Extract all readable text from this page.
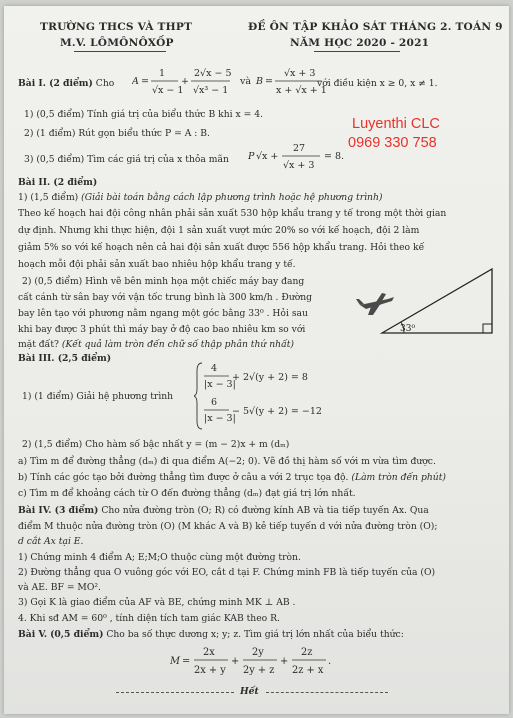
TRƯỜNG THCS VÀ THPT
M.V. LÔMÔNÔXỐP
ĐỀ ÔN TẬP KHẢO SÁT THÁNG 2. TOÁN 9
NĂM HỌC 2020 - 2021
Bài I. (2 điểm) Cho A =
1
√x − 1
+
2√x − 5
√x³ − 1
và B =
√x + 3
x + √x + 1
với điều kiện x ≥ 0, x ≠ 1.
1) (0,5 điểm) Tính giá trị của biểu thức B khi x = 4.
2) (1 điểm) Rút gọn biểu thức P = A : B.
3) (0,5 điểm) Tìm các giá trị của x thỏa mãn P √x +
27
√x + 3
= 8.
Luyenthi CLC
0969 330 758
Bài II. (2 điểm)
1) (1,5 điểm) (Giải bài toán bằng cách lập phương trình hoặc hệ phương trình)
Theo kế hoạch hai đội công nhân phải sản xuất 530 hộp khẩu trang y tế trong một thời gian
dự định. Nhưng khi thực hiện, đội 1 sản xuất vượt mức 20% so với kế hoạch, đội 2 làm
giảm 5% so với kế hoạch nên cả hai đội sản xuất được 556 hộp khẩu trang. Hỏi theo kế
hoạch mỗi đội phải sản xuất bao nhiêu hộp khẩu trang y tế.
2) (0,5 điểm) Hình vẽ bên minh họa một chiếc máy bay đang
cất cánh từ sân bay với vận tốc trung bình là 300 km/h . Đường
bay lên tạo với phương nằm ngang một góc bằng 33⁰ . Hỏi sau
khi bay được 3 phút thì máy bay ở độ cao bao nhiêu km so với
mặt đất? (Kết quả làm tròn đến chữ số thập phân thứ nhất)
33⁰
Bài III. (2,5 điểm)
1) (1 điểm) Giải hệ phương trình
4
|x − 3|
+ 2√(y + 2) = 8
6
|x − 3|
− 5√(y + 2) = −12
2) (1,5 điểm) Cho hàm số bậc nhất y = (m − 2)x + m (dₘ)
a) Tìm m để đường thẳng (dₘ) đi qua điểm A(−2; 0). Vẽ đồ thị hàm số với m vừa tìm được.
b) Tính các góc tạo bởi đường thẳng tìm được ở câu a với 2 trục tọa độ. (Làm tròn đến phút)
c) Tìm m để khoảng cách từ O đến đường thẳng (dₘ) đạt giá trị lớn nhất.
Bài IV. (3 điểm) Cho nửa đường tròn (O; R) có đường kính AB và tia tiếp tuyến Ax. Qua
điểm M thuộc nửa đường tròn (O) (M khác A và B) kẻ tiếp tuyến d với nửa đường tròn (O);
d cắt Ax tại E.
1) Chứng minh 4 điểm A; E;M;O thuộc cùng một đường tròn.
2) Đường thẳng qua O vuông góc với EO, cắt d tại F. Chứng minh FB là tiếp tuyến của (O)
và AE. BF = MO².
3) Gọi K là giao điểm của AF và BE, chứng minh MK ⊥ AB .
4. Khi sđ AM = 60⁰ , tính diện tích tam giác KAB theo R.
Bài V. (0,5 điểm) Cho ba số thực dương x; y; z. Tìm giá trị lớn nhất của biểu thức:
M =
2x
2x + y
+
2y
2y + z
+
2z
2z + x
.
Hết
